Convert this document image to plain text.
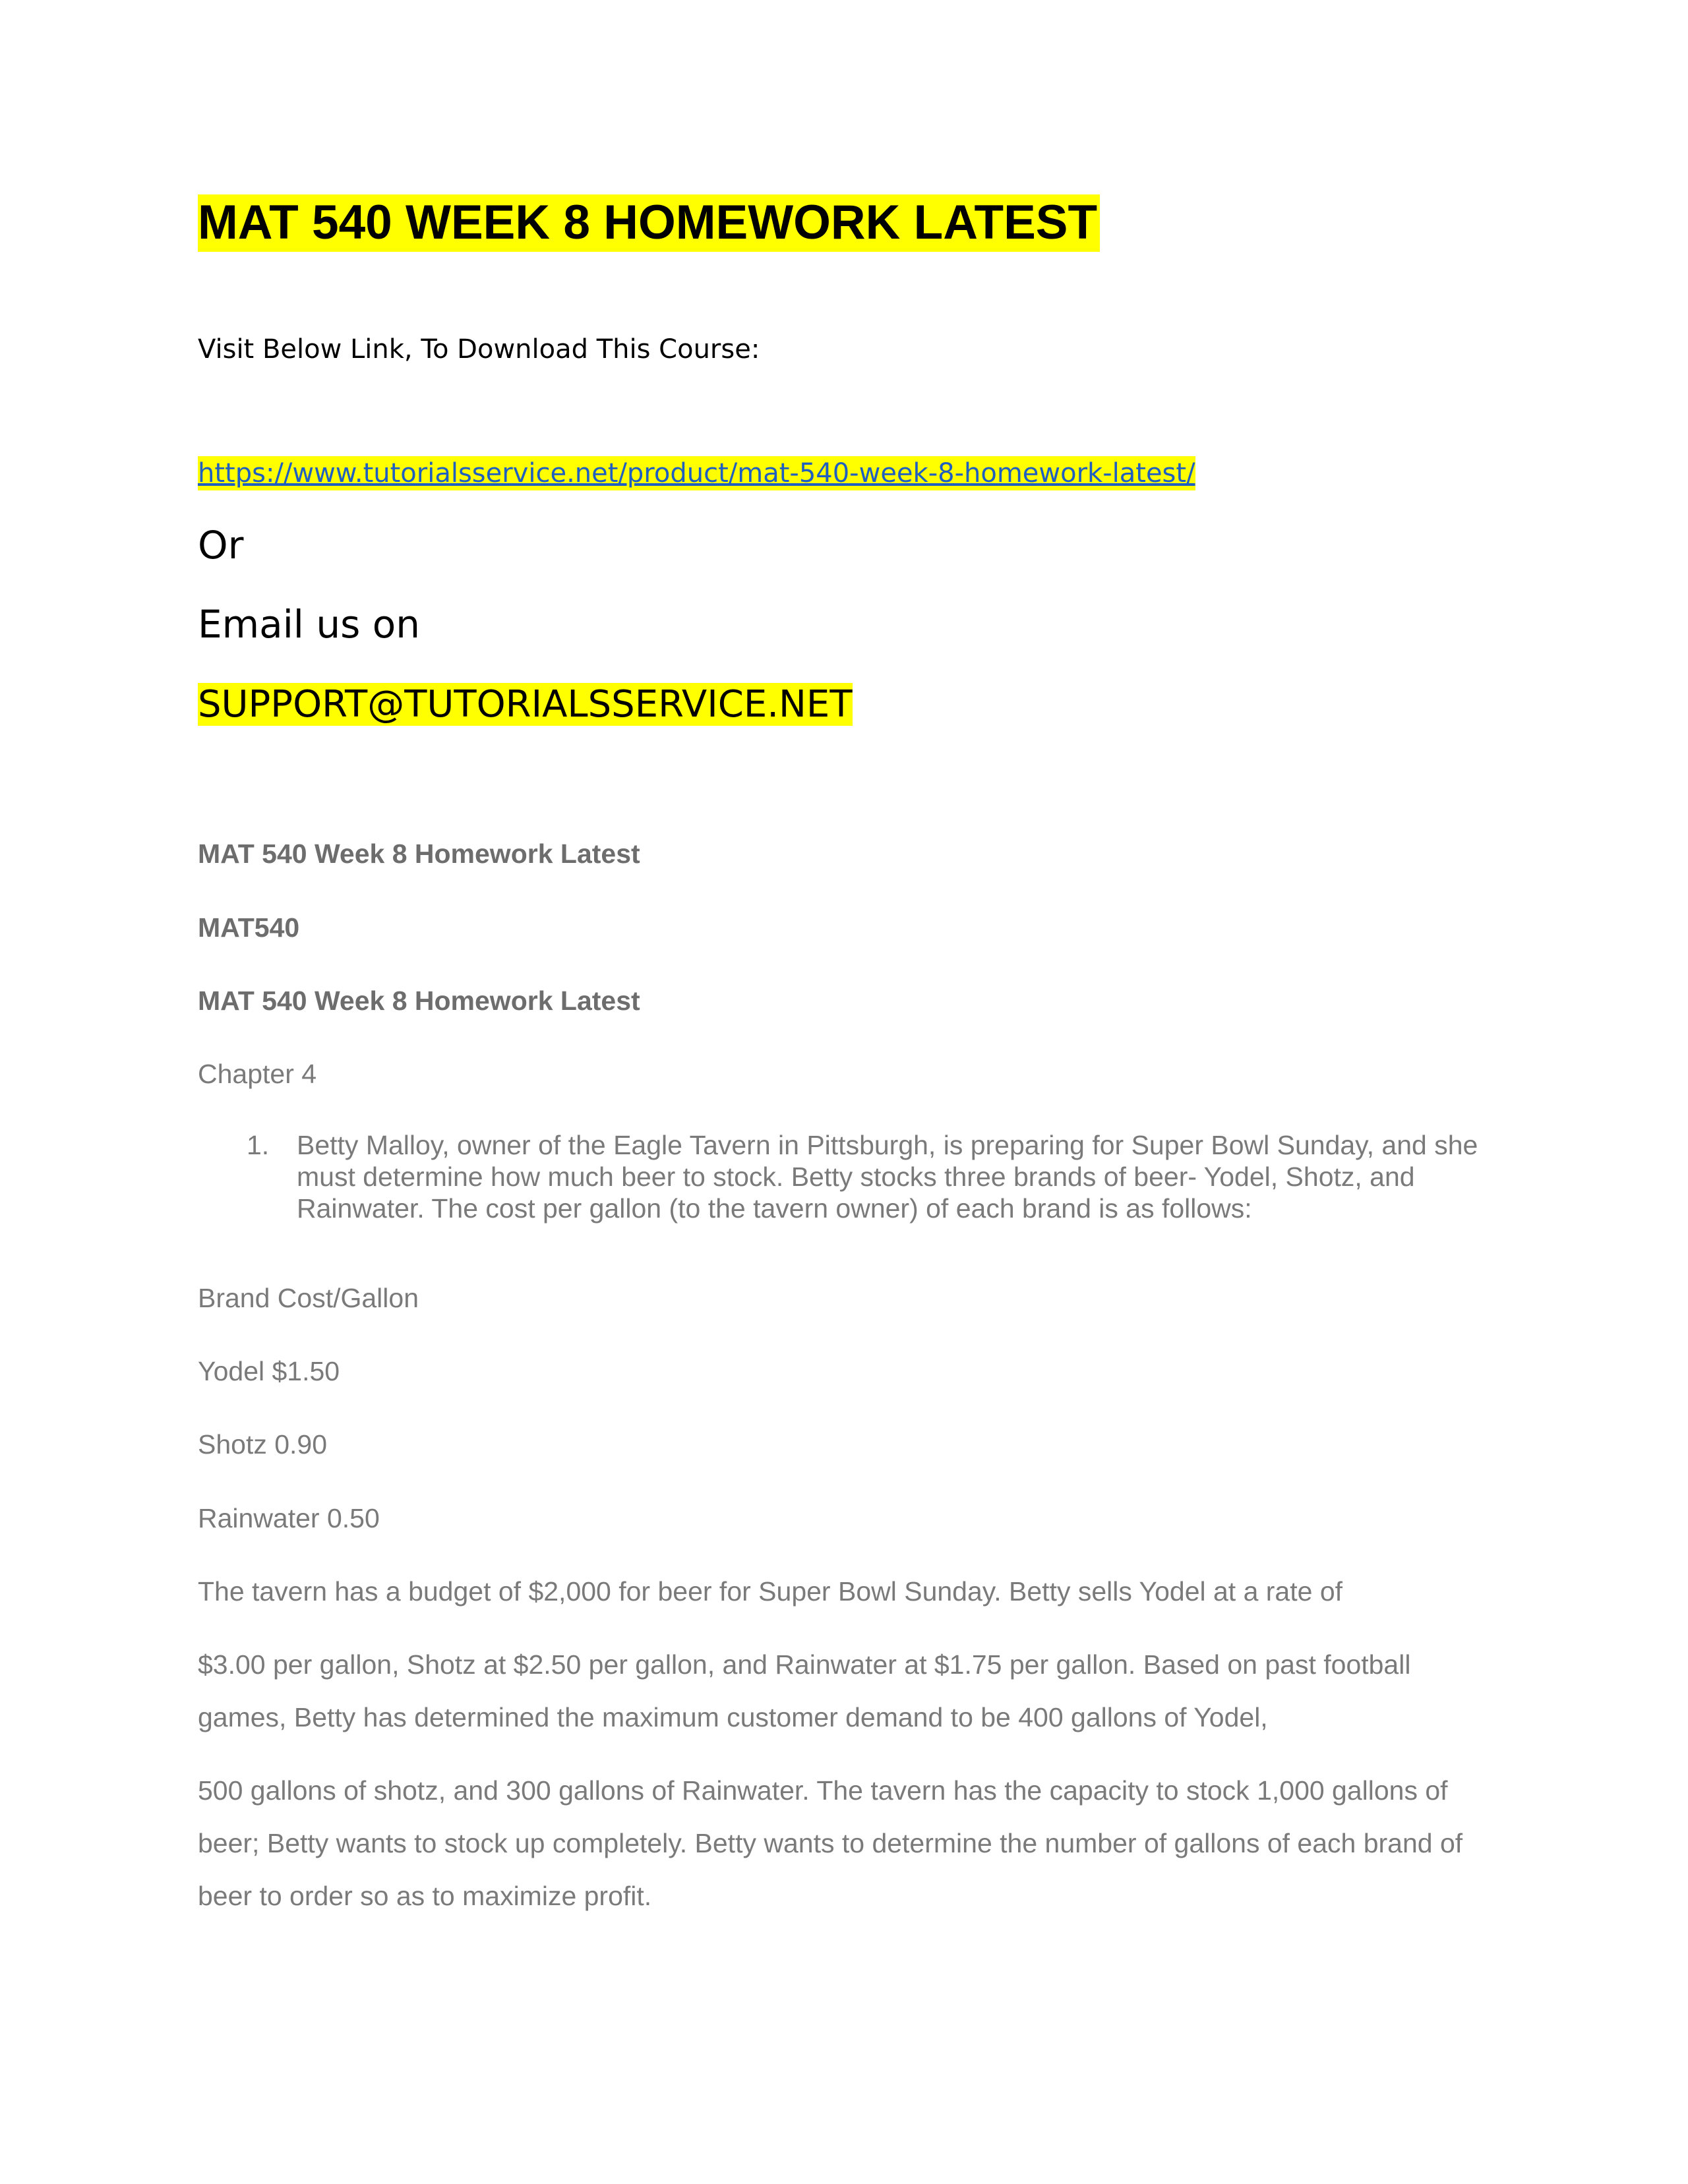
MAT 540 WEEK 8 HOMEWORK LATEST
Visit Below Link, To Download This Course:
https://www.tutorialsservice.net/product/mat-540-week-8-homework-latest/
Or
Email us on
SUPPORT@TUTORIALSSERVICE.NET
MAT 540 Week 8 Homework Latest
MAT540
MAT 540 Week 8 Homework Latest
Chapter 4
1. Betty Malloy, owner of the Eagle Tavern in Pittsburgh, is preparing for Super Bowl Sunday, and she must determine how much beer to stock. Betty stocks three brands of beer- Yodel, Shotz, and Rainwater. The cost per gallon (to the tavern owner) of each brand is as follows:
Brand Cost/Gallon
Yodel $1.50
Shotz 0.90
Rainwater 0.50
The tavern has a budget of $2,000 for beer for Super Bowl Sunday. Betty sells Yodel at a rate of
$3.00 per gallon, Shotz at $2.50 per gallon, and Rainwater at $1.75 per gallon. Based on past football games, Betty has determined the maximum customer demand to be 400 gallons of Yodel,
500 gallons of shotz, and 300 gallons of Rainwater. The tavern has the capacity to stock 1,000 gallons of beer; Betty wants to stock up completely. Betty wants to determine the number of gallons of each brand of beer to order so as to maximize profit.
